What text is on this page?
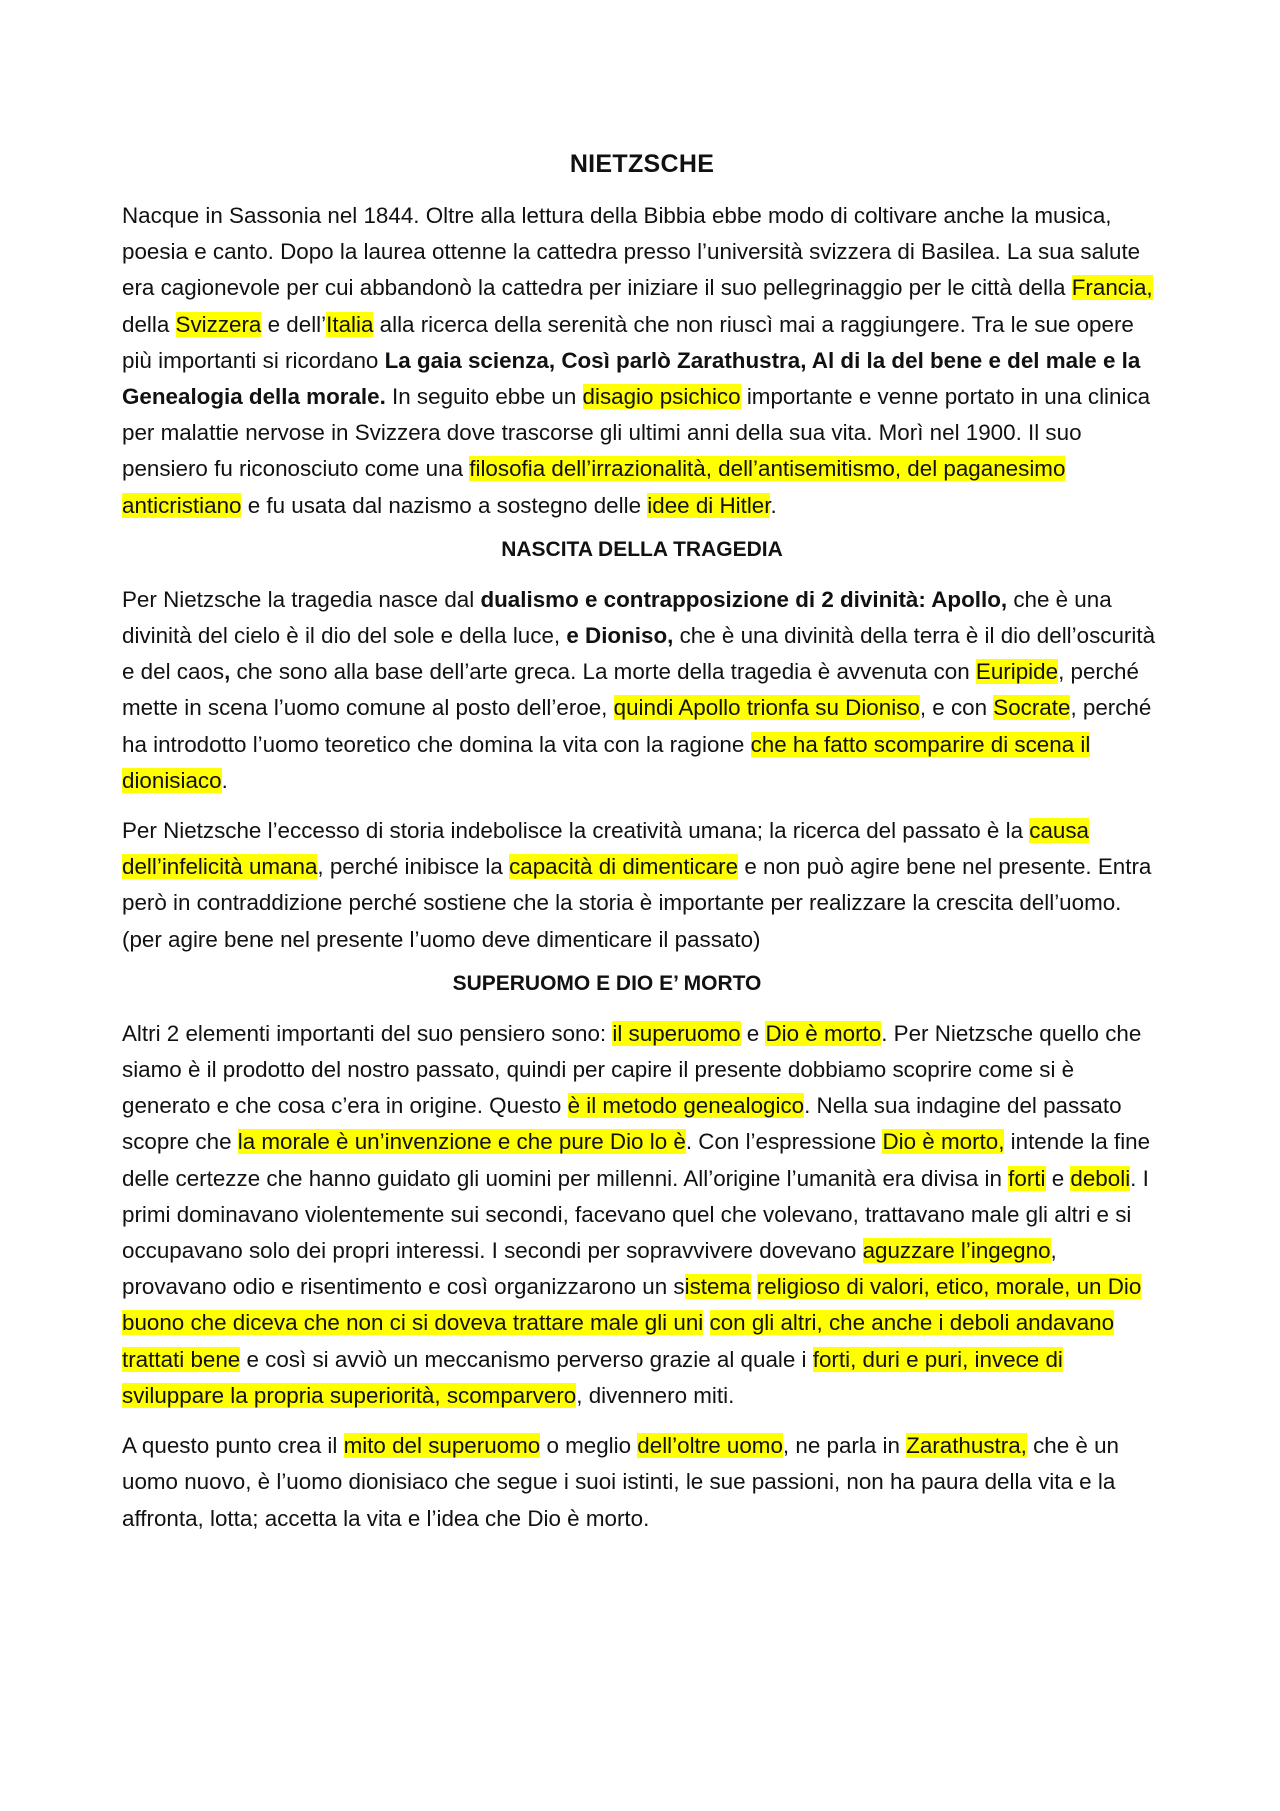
NIETZSCHE

Nacque in Sassonia nel 1844. Oltre alla lettura della Bibbia ebbe modo di coltivare anche la musica, poesia e canto. Dopo la laurea ottenne la cattedra presso l’università svizzera di Basilea. La sua salute era cagionevole per cui abbandonò la cattedra per iniziare il suo pellegrinaggio per le città della Francia, della Svizzera e dell’Italia alla ricerca della serenità che non riuscì mai a raggiungere. Tra le sue opere più importanti si ricordano La gaia scienza, Così parlò Zarathustra, Al di la del bene e del male e la Genealogia della morale. In seguito ebbe un disagio psichico importante e venne portato in una clinica per malattie nervose in Svizzera dove trascorse gli ultimi anni della sua vita. Morì nel 1900. Il suo pensiero fu riconosciuto come una filosofia dell’irrazionalità, dell’antisemitismo, del paganesimo anticristiano e fu usata dal nazismo a sostegno delle idee di Hitler.

NASCITA DELLA TRAGEDIA

Per Nietzsche la tragedia nasce dal dualismo e contrapposizione di 2 divinità: Apollo, che è una divinità del cielo è il dio del sole e della luce, e Dioniso, che è una divinità della terra è il dio dell’oscurità e del caos, che sono alla base dell’arte greca. La morte della tragedia è avvenuta con Euripide, perché mette in scena l’uomo comune al posto dell’eroe, quindi Apollo trionfa su Dioniso, e con Socrate, perché ha introdotto l’uomo teoretico che domina la vita con la ragione che ha fatto scomparire di scena il dionisiaco.

Per Nietzsche l’eccesso di storia indebolisce la creatività umana; la ricerca del passato è la causa dell’infelicità umana, perché inibisce la capacità di dimenticare e non può agire bene nel presente. Entra però in contraddizione perché sostiene che la storia è importante per realizzare la crescita dell’uomo. (per agire bene nel presente l’uomo deve dimenticare il passato)

SUPERUOMO E DIO E’ MORTO

Altri 2 elementi importanti del suo pensiero sono: il superuomo e Dio è morto. Per Nietzsche quello che siamo è il prodotto del nostro passato, quindi per capire il presente dobbiamo scoprire come si è generato e che cosa c’era in origine. Questo è il metodo genealogico. Nella sua indagine del passato scopre che la morale è un’invenzione e che pure Dio lo è. Con l’espressione Dio è morto, intende la fine delle certezze che hanno guidato gli uomini per millenni. All’origine l’umanità era divisa in forti e deboli. I primi dominavano violentemente sui secondi, facevano quel che volevano, trattavano male gli altri e si occupavano solo dei propri interessi. I secondi per sopravvivere dovevano aguzzare l’ingegno, provavano odio e risentimento e così organizzarono un sistema religioso di valori, etico, morale, un Dio buono che diceva che non ci si doveva trattare male gli uni con gli altri, che anche i deboli andavano trattati bene e così si avviò un meccanismo perverso grazie al quale i forti, duri e puri, invece di sviluppare la propria superiorità, scomparvero, divennero miti.

A questo punto crea il mito del superuomo o meglio dell’oltre uomo, ne parla in Zarathustra, che è un uomo nuovo, è l’uomo dionisiaco che segue i suoi istinti, le sue passioni, non ha paura della vita e la affronta, lotta; accetta la vita e l’idea che Dio è morto.
